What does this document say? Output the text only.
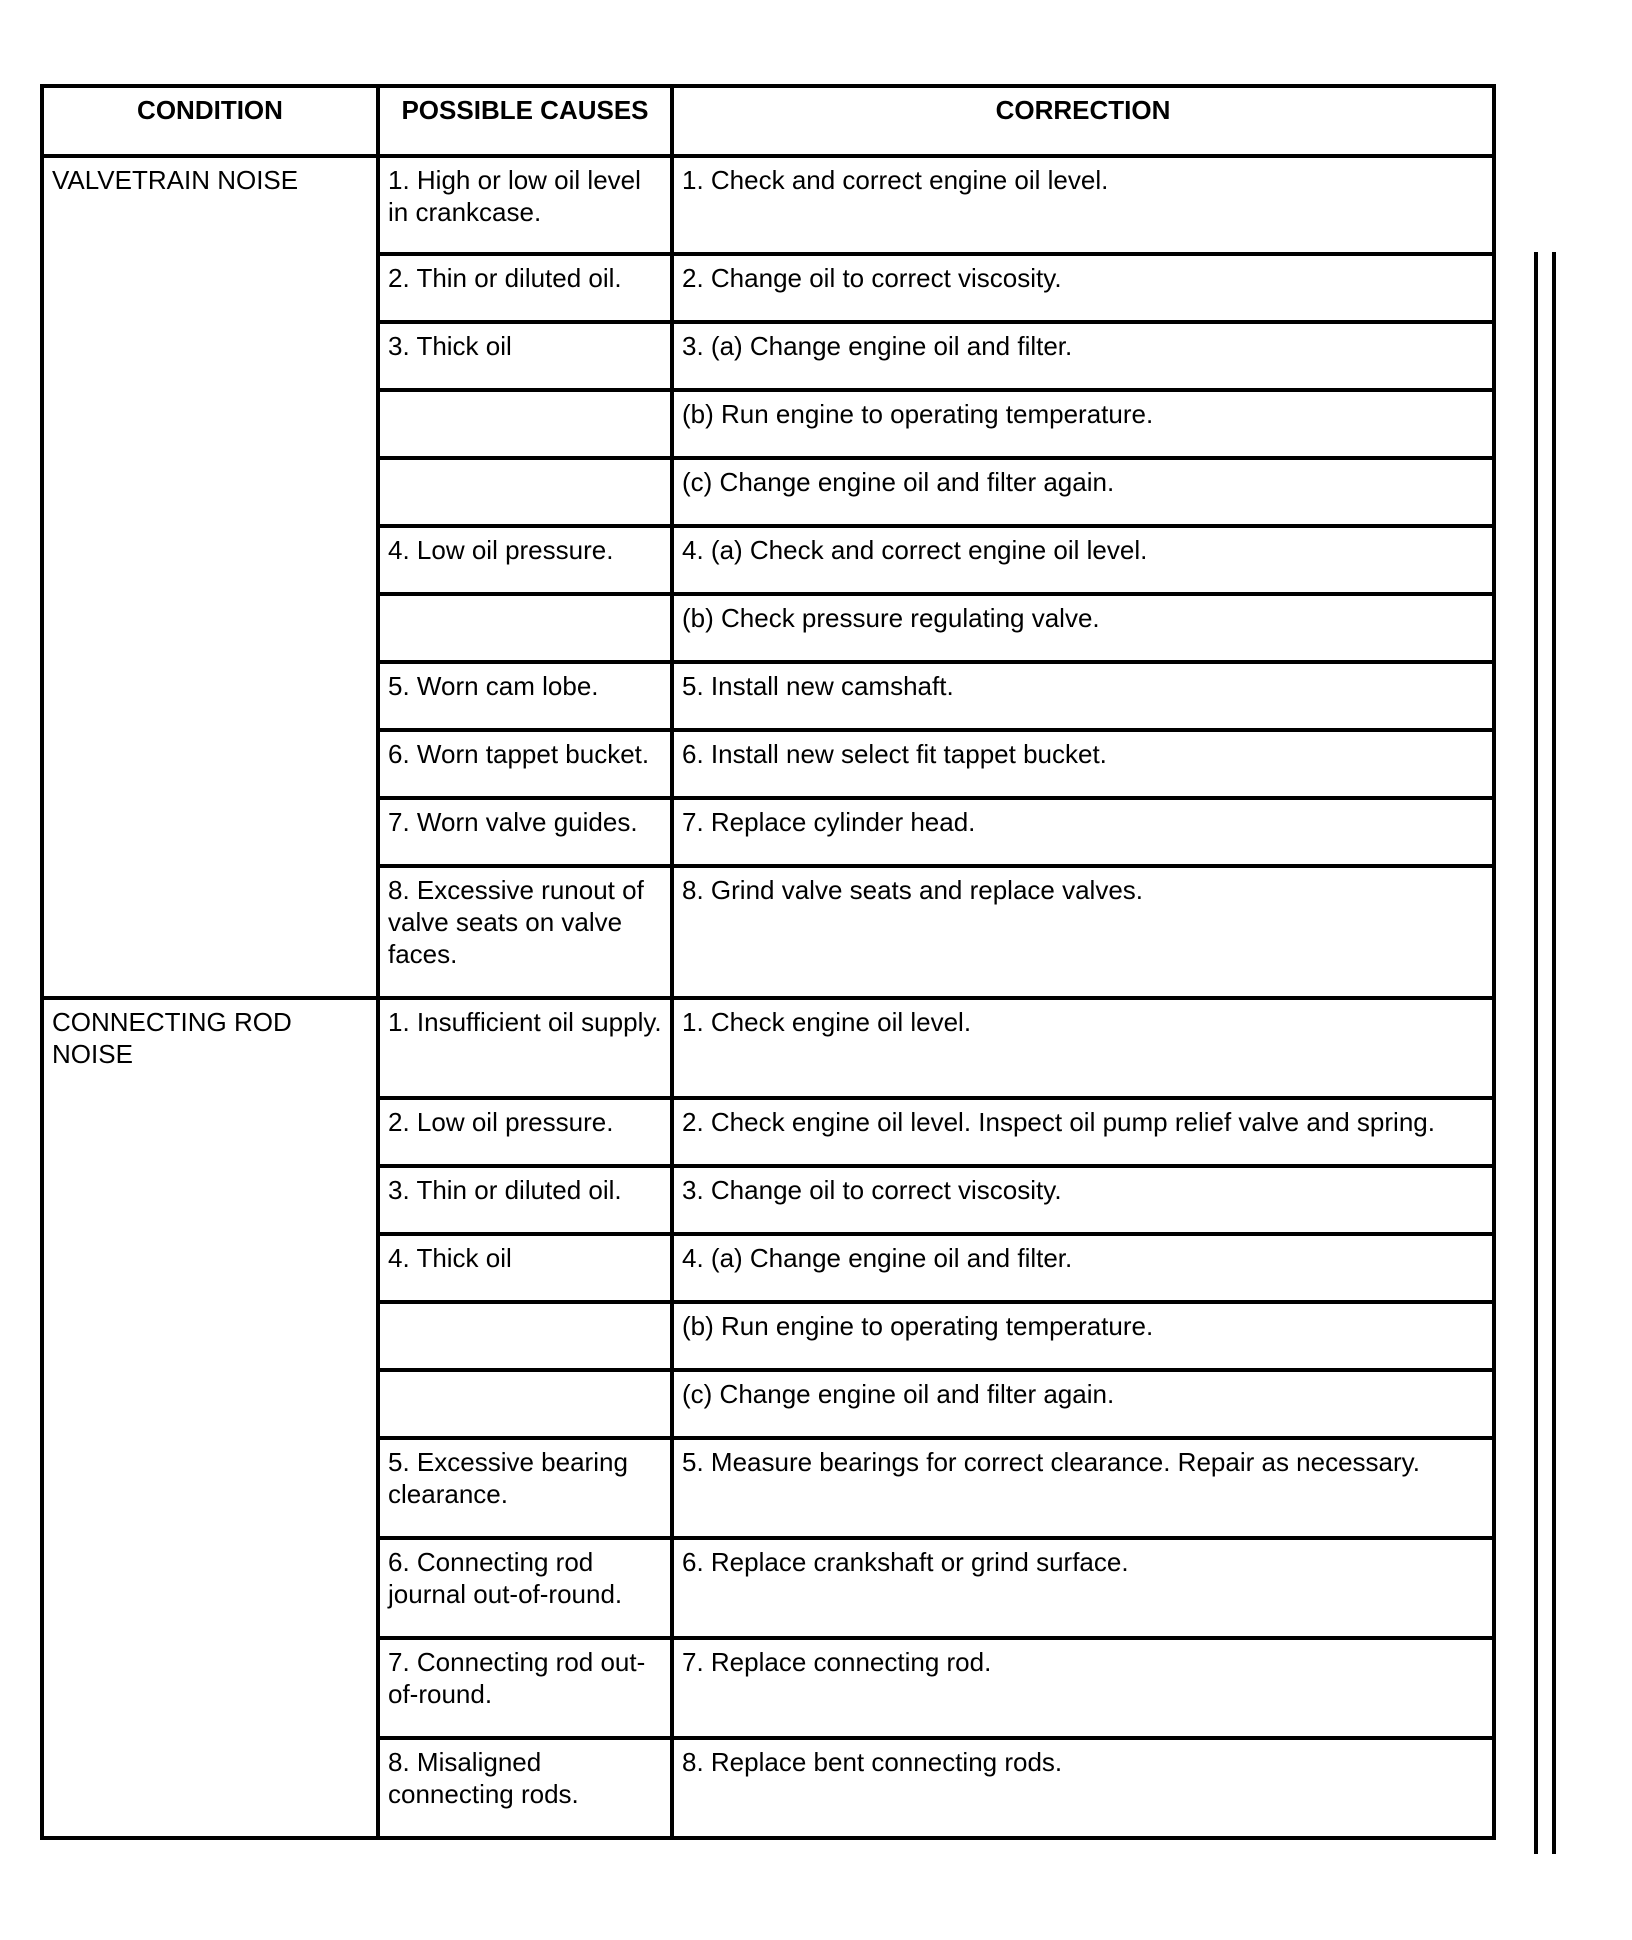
CONDITION	POSSIBLE CAUSES	CORRECTION
VALVETRAIN NOISE	1. High or low oil level in crankcase.	1. Check and correct engine oil level.
	2. Thin or diluted oil.	2. Change oil to correct viscosity.
	3. Thick oil	3. (a) Change engine oil and filter.
		(b) Run engine to operating temperature.
		(c) Change engine oil and filter again.
	4. Low oil pressure.	4. (a) Check and correct engine oil level.
		(b) Check pressure regulating valve.
	5. Worn cam lobe.	5. Install new camshaft.
	6. Worn tappet bucket.	6. Install new select fit tappet bucket.
	7. Worn valve guides.	7. Replace cylinder head.
	8. Excessive runout of valve seats on valve faces.	8. Grind valve seats and replace valves.
CONNECTING ROD NOISE	1. Insufficient oil supply.	1. Check engine oil level.
	2. Low oil pressure.	2. Check engine oil level. Inspect oil pump relief valve and spring.
	3. Thin or diluted oil.	3. Change oil to correct viscosity.
	4. Thick oil	4. (a) Change engine oil and filter.
		(b) Run engine to operating temperature.
		(c) Change engine oil and filter again.
	5. Excessive bearing clearance.	5. Measure bearings for correct clearance. Repair as necessary.
	6. Connecting rod journal out-of-round.	6. Replace crankshaft or grind surface.
	7. Connecting rod out-of-round.	7. Replace connecting rod.
	8. Misaligned connecting rods.	8. Replace bent connecting rods.
